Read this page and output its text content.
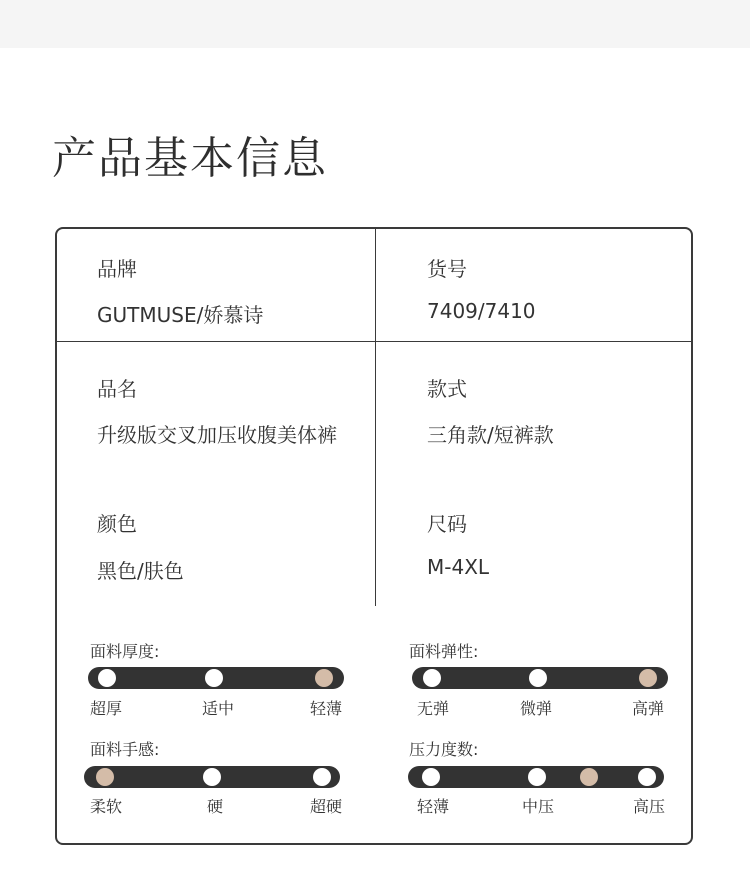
产品基本信息
品牌
GUTMUSE/娇慕诗
货号
7409/7410
品名
升级版交叉加压收腹美体裤
款式
三角款/短裤款
颜色
黑色/肤色
尺码
M-4XL
面料厚度:
超厚	适中	轻薄
面料弹性:
无弹	微弹	高弹
面料手感:
柔软	硬	超硬
压力度数:
轻薄	中压	高压
